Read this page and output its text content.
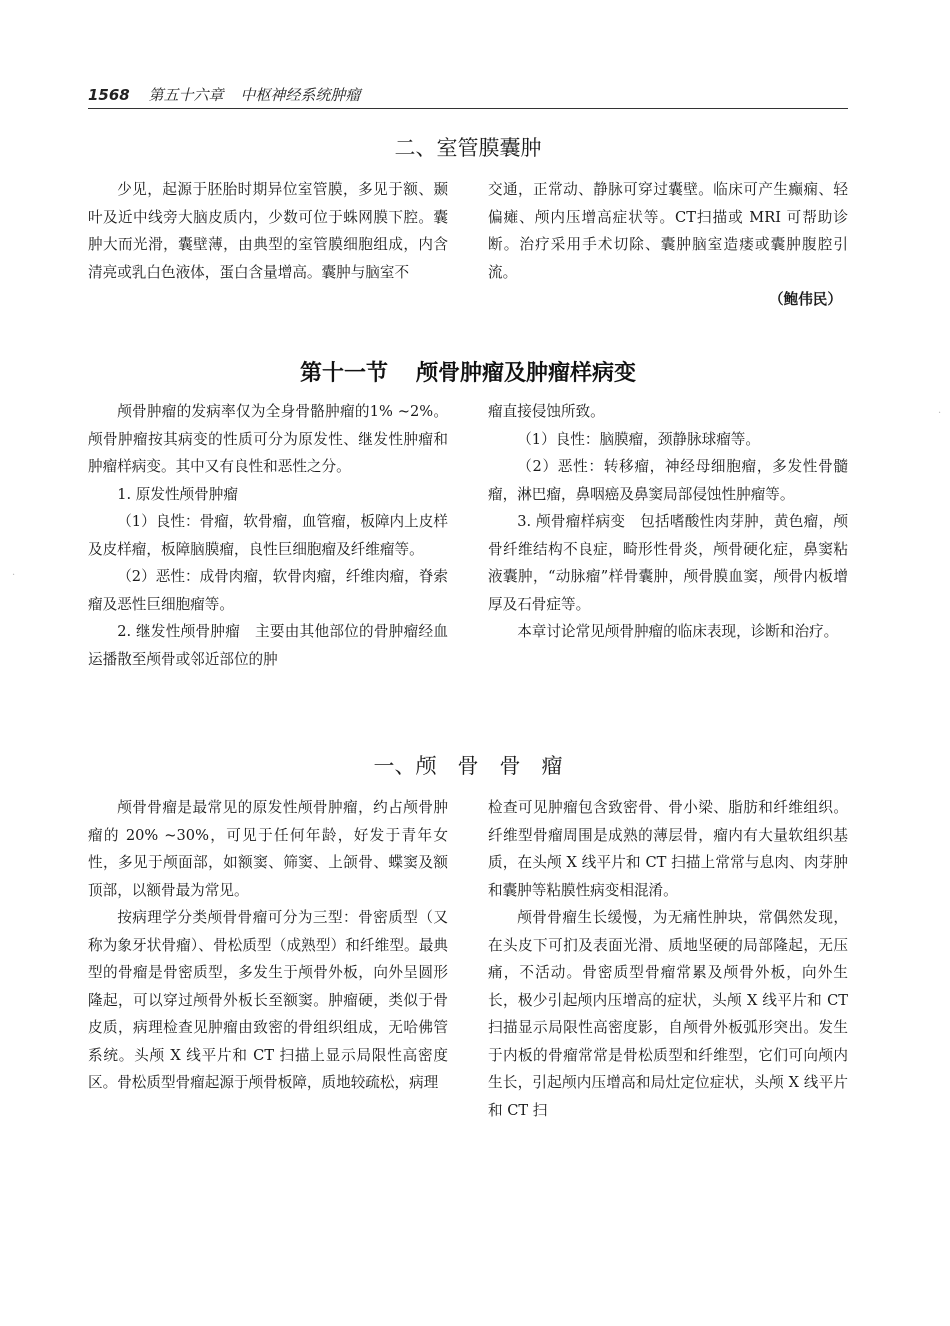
1568 第五十六章 中枢神经系统肿瘤
二、室管膜囊肿

少见，起源于胚胎时期异位室管膜，多见于额、颞叶及近中线旁大脑皮质内，少数可位于蛛网膜下腔。囊肿大而光滑，囊壁薄，由典型的室管膜细胞组成，内含清亮或乳白色液体，蛋白含量增高。囊肿与脑室不

交通，正常动、静脉可穿过囊壁。临床可产生癫痫、轻偏瘫、颅内压增高症状等。CT扫描或 MRI 可帮助诊断。治疗采用手术切除、囊肿脑室造瘘或囊肿腹腔引流。

（鲍伟民）

第十一节 颅骨肿瘤及肿瘤样病变

颅骨肿瘤的发病率仅为全身骨骼肿瘤的1% ~2%。颅骨肿瘤按其病变的性质可分为原发性、继发性肿瘤和肿瘤样病变。其中又有良性和恶性之分。

1. 原发性颅骨肿瘤

（1）良性：骨瘤，软骨瘤，血管瘤，板障内上皮样及皮样瘤，板障脑膜瘤，良性巨细胞瘤及纤维瘤等。

（2）恶性：成骨肉瘤，软骨肉瘤，纤维肉瘤，脊索瘤及恶性巨细胞瘤等。

2. 继发性颅骨肿瘤　主要由其他部位的骨肿瘤经血运播散至颅骨或邻近部位的肿

瘤直接侵蚀所致。

（1）良性：脑膜瘤，颈静脉球瘤等。

（2）恶性：转移瘤，神经母细胞瘤，多发性骨髓瘤，淋巴瘤，鼻咽癌及鼻窦局部侵蚀性肿瘤等。

3. 颅骨瘤样病变　包括嗜酸性肉芽肿，黄色瘤，颅骨纤维结构不良症，畸形性骨炎，颅骨硬化症，鼻窦粘液囊肿，“动脉瘤”样骨囊肿，颅骨膜血窦，颅骨内板增厚及石骨症等。

本章讨论常见颅骨肿瘤的临床表现，诊断和治疗。

一、颅　骨　骨　瘤

颅骨骨瘤是最常见的原发性颅骨肿瘤，约占颅骨肿瘤的 20% ~30%，可见于任何年龄，好发于青年女性，多见于颅面部，如额窦、筛窦、上颌骨、蝶窦及额顶部，以额骨最为常见。

按病理学分类颅骨骨瘤可分为三型：骨密质型（又称为象牙状骨瘤）、骨松质型（成熟型）和纤维型。最典型的骨瘤是骨密质型，多发生于颅骨外板，向外呈圆形隆起，可以穿过颅骨外板长至额窦。肿瘤硬，类似于骨皮质，病理检查见肿瘤由致密的骨组织组成，无哈佛管系统。头颅 X 线平片和 CT 扫描上显示局限性高密度区。骨松质型骨瘤起源于颅骨板障，质地较疏松，病理

检查可见肿瘤包含致密骨、骨小梁、脂肪和纤维组织。纤维型骨瘤周围是成熟的薄层骨，瘤内有大量软组织基质，在头颅 X 线平片和 CT 扫描上常常与息肉、肉芽肿和囊肿等粘膜性病变相混淆。

颅骨骨瘤生长缓慢，为无痛性肿块，常偶然发现，在头皮下可扪及表面光滑、质地坚硬的局部隆起，无压痛，不活动。骨密质型骨瘤常累及颅骨外板，向外生长，极少引起颅内压增高的症状，头颅 X 线平片和 CT 扫描显示局限性高密度影，自颅骨外板弧形突出。发生于内板的骨瘤常常是骨松质型和纤维型，它们可向颅内生长，引起颅内压增高和局灶定位症状，头颅 X 线平片和 CT 扫

·
·
